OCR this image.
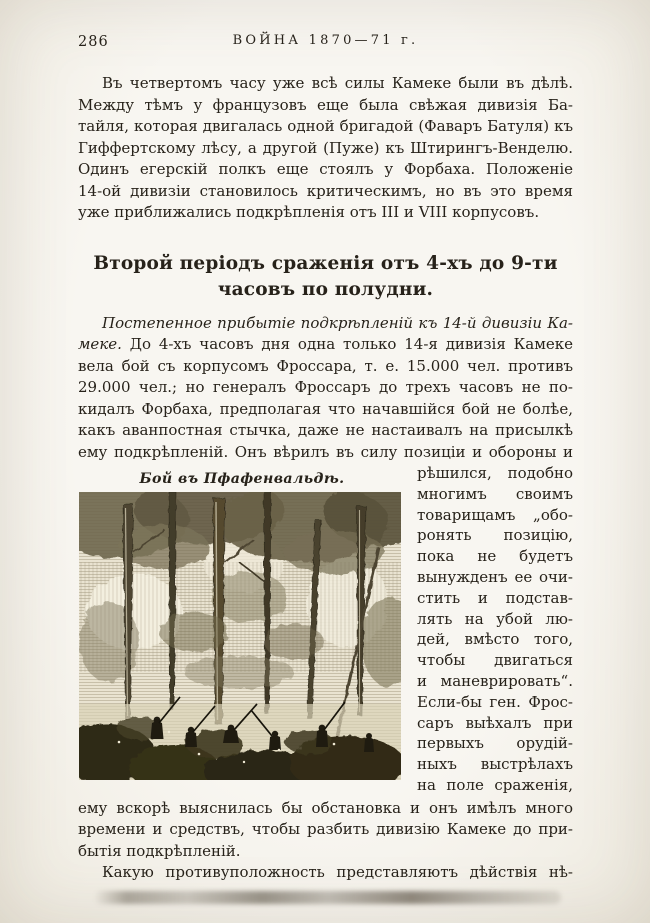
286	ВОЙНА 1870—71 г.
Въ четвертомъ часу уже всѣ силы Камеке были въ дѣлѣ.
Между тѣмъ у французовъ еще была свѣжая дивизія Ба-
тайля, которая двигалась одной бригадой (Фаваръ Батуля) къ
Гиффертскому лѣсу, а другой (Пуже) къ Штирингъ-Венделю.
Одинъ егерскій полкъ еще стоялъ у Форбаха. Положеніе
14-ой дивизіи становилось критическимъ, но въ это время
уже приближались подкрѣпленія отъ III и VIII корпусовъ.
Второй періодъ сраженія отъ 4-хъ до 9-ти
часовъ по полудни.
Постепенное прибытіе подкрѣпленій къ 14-й дивизіи Ка-
меке. До 4-хъ часовъ дня одна только 14-я дивизія Камеке
вела бой съ корпусомъ Фроссара, т. е. 15.000 чел. противъ
29.000 чел.; но генералъ Фроссаръ до трехъ часовъ не по-
кидалъ Форбаха, предполагая что начавшійся бой не болѣе,
какъ аванпостная стычка, даже не настаивалъ на присылкѣ
ему подкрѣпленій. Онъ вѣрилъ въ силу позиціи и обороны и
Бой въ Пфафенвальдѣ.	рѣшился, подобно
многимъ своимъ
товарищамъ „обо-
ронять позицію,
пока не будетъ
вынужденъ ее очи-
стить и подстав-
лять на убой лю-
дей, вмѣсто того,
чтобы двигаться
и маневрировать“.
Если-бы ген. Фрос-
саръ выѣхалъ при
первыхъ орудій-
ныхъ выстрѣлахъ
на поле сраженія,
ему вскорѣ выяснилась бы обстановка и онъ имѣлъ много
времени и средствъ, чтобы разбить дивизію Камеке до при-
бытія подкрѣпленій.
Какую противуположность представляютъ дѣйствія нѣ-
